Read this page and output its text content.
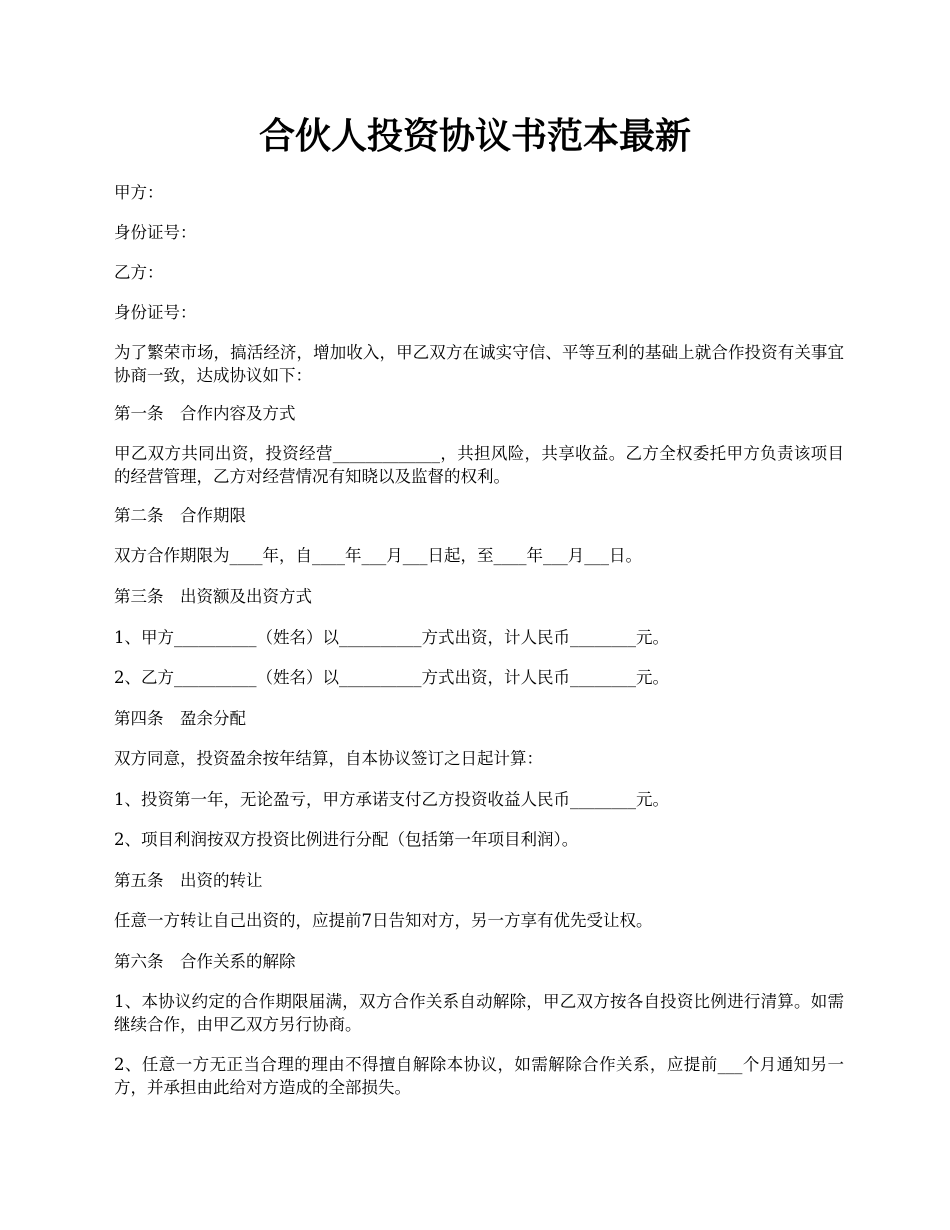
合伙人投资协议书范本最新

甲方：

身份证号：

乙方：

身份证号：

为了繁荣市场，搞活经济，增加收入，甲乙双方在诚实守信、平等互利的基础上就合作投资有关事宜协商一致，达成协议如下：

第一条　合作内容及方式

甲乙双方共同出资，投资经营_____________，共担风险，共享收益。乙方全权委托甲方负责该项目的经营管理，乙方对经营情况有知晓以及监督的权利。

第二条　合作期限

双方合作期限为____年，自____年___月___日起，至____年___月___日。

第三条　出资额及出资方式

1、甲方__________（姓名）以__________方式出资，计人民币________元。

2、乙方__________（姓名）以__________方式出资，计人民币________元。

第四条　盈余分配

双方同意，投资盈余按年结算，自本协议签订之日起计算：

1、投资第一年，无论盈亏，甲方承诺支付乙方投资收益人民币________元。

2、项目利润按双方投资比例进行分配（包括第一年项目利润）。

第五条　出资的转让

任意一方转让自己出资的，应提前7日告知对方，另一方享有优先受让权。

第六条　合作关系的解除

1、本协议约定的合作期限届满，双方合作关系自动解除，甲乙双方按各自投资比例进行清算。如需继续合作，由甲乙双方另行协商。

2、任意一方无正当合理的理由不得擅自解除本协议，如需解除合作关系，应提前___个月通知另一方，并承担由此给对方造成的全部损失。
